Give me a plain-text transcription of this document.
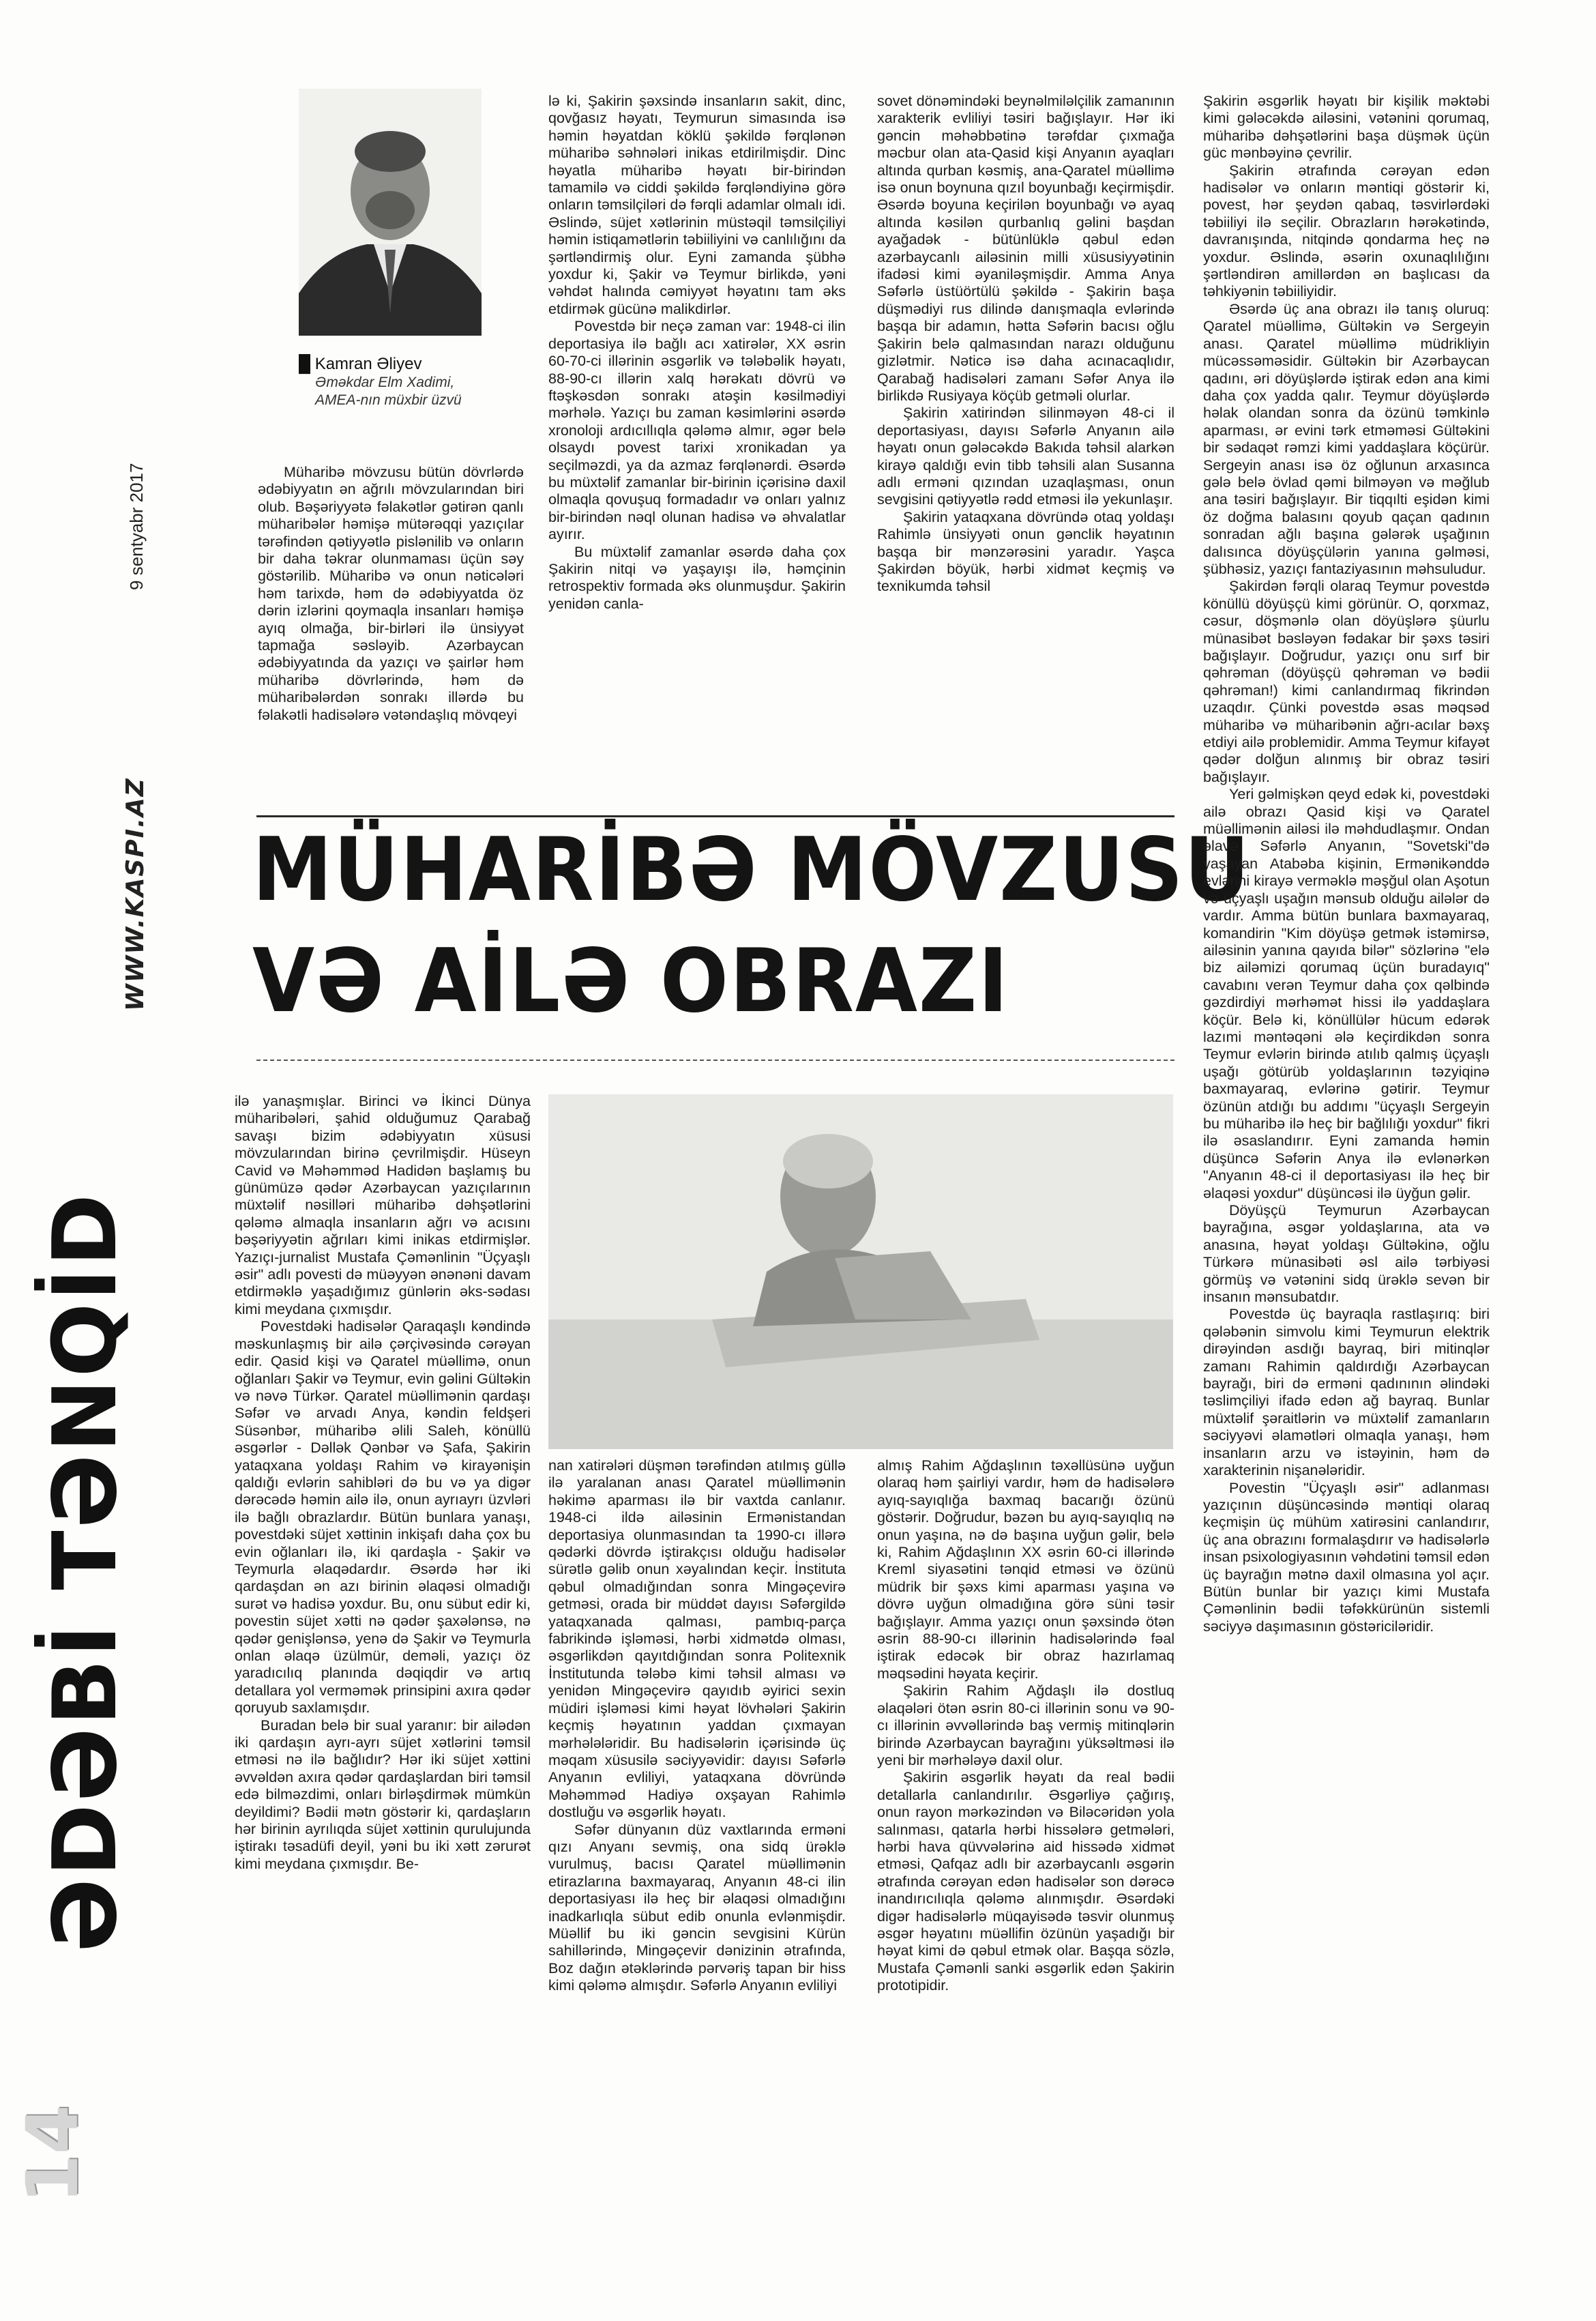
ƏDƏBİ TƏNQİD
WWW.KASPI.AZ
9 sentyabr 2017
14
█ Kamran Əliyev
Əməkdar Elm Xadimi,
AMEA-nın müxbir üzvü

Müharibə mövzusu bütün dövrlərdə ədəbiyyatın ən ağrılı mövzularından biri olub. Bəşəriyyətə fəlakətlər gətirən qanlı müharibələr həmişə mütərəqqi yazıçılar tərəfindən qətiyyətlə pislənilib və onların bir daha təkrar olunmaması üçün səy göstərilib. Müharibə və onun nəticələri həm tarixdə, həm də ədəbiyyatda öz dərin izlərini qoymaqla insanları həmişə ayıq olmağa, bir-birləri ilə ünsiyyət tapmağa səsləyib. Azərbaycan ədəbiyyatında da yazıçı və şairlər həm müharibə dövrlərində, həm də müharibələrdən sonrakı illərdə bu fəlakətli hadisələrə vətəndaşlıq mövqeyi

lə ki, Şakirin şəxsində insanların sakit, dinc, qovğasız həyatı, Teymurun simasında isə həmin həyatdan köklü şəkildə fərqlənən müharibə səhnələri inikas etdirilmişdir. Dinc həyatla müharibə həyatı bir-birindən tamamilə və ciddi şəkildə fərqləndiyinə görə onların təmsilçiləri də fərqli adamlar olmalı idi. Əslində, süjet xətlərinin müstəqil təmsilçiliyi həmin istiqamətlərin təbiiliyini və canlılığını da şərtləndirmiş olur. Eyni zamanda şübhə yoxdur ki, Şakir və Teymur birlikdə, yəni vəhdət halında cəmiyyət həyatını tam əks etdirmək gücünə malikdirlər.

Povestdə bir neçə zaman var: 1948-ci ilin deportasiya ilə bağlı acı xatirələr, XX əsrin 60-70-ci illərinin əsgərlik və tələbəlik həyatı, 88-90-cı illərin xalq hərəkatı dövrü və ftəşkəsdən sonrakı atəşin kəsilmədiyi mərhələ. Yazıçı bu zaman kəsimlərini əsərdə xronoloji ardıcıllıqla qələmə almır, əgər belə olsaydı povest tarixi xronikadan ya seçilməzdi, ya da azmaz fərqlənərdi. Əsərdə bu müxtəlif zamanlar bir-birinin içərisinə daxil olmaqla qovuşuq formadadır və onları yalnız bir-birindən nəql olunan hadisə və əhvalatlar ayırır.

Bu müxtəlif zamanlar əsərdə daha çox Şakirin nitqi və yaşayışı ilə, həmçinin retrospektiv formada əks olunmuşdur. Şakirin yenidən canla-

sovet dönəmindəki beynəlmiləlçilik zamanının xarakterik evliliyi təsiri bağışlayır. Hər iki gəncin məhəbbətinə tərəfdar çıxmağa məcbur olan ata-Qasid kişi Anyanın ayaqları altında qurban kəsmiş, ana-Qaratel müəllimə isə onun boynuna qızıl boyunbağı keçirmişdir. Əsərdə boyuna keçirilən boyunbağı və ayaq altında kəsilən qurbanlıq gəlini başdan ayağadək - bütünlüklə qəbul edən azərbaycanlı ailəsinin milli xüsusiyyətinin ifadəsi kimi əyaniləşmişdir. Amma Anya Səfərlə üstüörtülü şəkildə - Şakirin başa düşmədiyi rus dilində danışmaqla evlərində başqa bir adamın, hətta Səfərin bacısı oğlu Şakirin belə qalmasından narazı olduğunu gizlətmir. Nəticə isə daha acınacaqlıdır, Qarabağ hadisələri zamanı Səfər Anya ilə birlikdə Rusiyaya köçüb getməli olurlar.

Şakirin xatirindən silinməyən 48-ci il deportasiyası, dayısı Səfərlə Anyanın ailə həyatı onun gələcəkdə Bakıda təhsil alarkən kirayə qaldığı evin tibb təhsili alan Susanna adlı erməni qızından uzaqlaşması, onun sevgisini qətiyyətlə rədd etməsi ilə yekunlaşır.

Şakirin yataqxana dövründə otaq yoldaşı Rahimlə ünsiyyəti onun gənclik həyatının başqa bir mənzərəsini yaradır. Yaşca Şakirdən böyük, hərbi xidmət keçmiş və texnikumda təhsil

MÜHARİBƏ MÖVZUSU
VƏ AİLƏ OBRAZI

Şakirin əsgərlik həyatı bir kişilik məktəbi kimi gələcəkdə ailəsini, vətənini qorumaq, müharibə dəhşətlərini başa düşmək üçün güc mənbəyinə çevrilir.

Şakirin ətrafında cərəyan edən hadisələr və onların məntiqi göstərir ki, povest, hər şeydən qabaq, təsvirlərdəki təbiiliyi ilə seçilir. Obrazların hərəkətində, davranışında, nitqində qondarma heç nə yoxdur. Əslində, əsərin oxunaqlılığını şərtləndirən amillərdən ən başlıcası da təhkiyənin təbiiliyidir.

Əsərdə üç ana obrazı ilə tanış oluruq: Qaratel müəllimə, Gültəkin və Sergeyin anası. Qaratel müəllimə müdrikliyin mücəssəməsidir. Gültəkin bir Azərbaycan qadını, əri döyüşlərdə iştirak edən ana kimi daha çox yadda qalır. Teymur döyüşlərdə həlak olandan sonra da özünü təmkinlə aparması, ər evini tərk etməməsi Gültəkini bir sədaqət rəmzi kimi yaddaşlara köçürür. Sergeyin anası isə öz oğlunun arxasınca gələ belə övlad qəmi bilməyən və məğlub ana təsiri bağışlayır. Bir tiqqılti eşidən kimi öz doğma balasını qoyub qaçan qadının sonradan ağlı başına gələrək uşağının dalısınca döyüşçülərin yanına gəlməsi, şübhəsiz, yazıçı fantaziyasının məhsuludur.

Şakirdən fərqli olaraq Teymur povestdə könüllü döyüşçü kimi görünür. O, qorxmaz, cəsur, döşmənlə olan döyüşlərə şüurlu münasibət bəsləyən fədakar bir şəxs təsiri bağışlayır. Doğrudur, yazıçı onu sırf bir qəhrəman (döyüşçü qəhrəman və bədii qəhrəman!) kimi canlandırmaq fikrindən uzaqdır. Çünki povestdə əsas məqsəd müharibə və müharibənin ağrı-acılar bəxş etdiyi ailə problemidir. Amma Teymur kifayət qədər dolğun alınmış bir obraz təsiri bağışlayır.

Yeri gəlmişkən qeyd edək ki, povestdəki ailə obrazı Qasid kişi və Qaratel müəllimənin ailəsi ilə məhdudlaşmır. Ondan əlavə Səfərlə Anyanın, "Sovetski"də yaşayan Atabəba kişinin, Ermənikənddə evlərini kirayə verməklə məşğul olan Aşotun və üçyaşlı uşağın mənsub olduğu ailələr də vardır. Amma bütün bunlara baxmayaraq, komandirin "Kim döyüşə getmək istəmirsə, ailəsinin yanına qayıda bilər" sözlərinə "elə biz ailəmizi qorumaq üçün buradayıq" cavabını verən Teymur daha çox qəlbində gəzdirdiyi mərhəmət hissi ilə yaddaşlara köçür. Belə ki, könüllülər hücum edərək lazımi məntəqəni ələ keçirdikdən sonra Teymur evlərin birində atılıb qalmış üçyaşlı uşağı götürüb yoldaşlarının təzyiqinə baxmayaraq, evlərinə gətirir. Teymur özünün atdığı bu addımı "üçyaşlı Sergeyin bu müharibə ilə heç bir bağlılığı yoxdur" fikri ilə əsaslandırır. Eyni zamanda həmin düşüncə Səfərin Anya ilə evlənərkən "Anyanın 48-ci il deportasiyası ilə heç bir əlaqəsi yoxdur" düşüncəsi ilə üyğun gəlir.

Döyüşçü Teymurun Azərbaycan bayrağına, əsgər yoldaşlarına, ata və anasına, həyat yoldaşı Gültəkinə, oğlu Türkərə münasibəti əsl ailə tərbiyəsi görmüş və vətənini sidq ürəklə sevən bir insanın mənsubatdır.

Povestdə üç bayraqla rastlaşırıq: biri qələbənin simvolu kimi Teymurun elektrik dirəyindən asdığı bayraq, biri mitinqlər zamanı Rahimin qaldırdığı Azərbaycan bayrağı, biri də erməni qadınının əlindəki təslimçiliyi ifadə edən ağ bayraq. Bunlar müxtəlif şəraitlərin və müxtəlif zamanların səciyyəvi əlamətləri olmaqla yanaşı, həm insanların arzu və istəyinin, həm də xarakterinin nişanələridir.

Povestin "Üçyaşlı əsir" adlanması yazıçının düşüncəsində məntiqi olaraq keçmişin üç mühüm xatirəsini canlandırır, üç ana obrazını formalaşdırır və hadisələrlə insan psixologiyasının vəhdətini təmsil edən üç bayrağın mətnə daxil olmasına yol açır. Bütün bunlar bir yazıçı kimi Mustafa Çəmənlinin bədii təfəkkürünün sistemli səciyyə daşımasının göstəriciləridir.

ilə yanaşmışlar. Birinci və İkinci Dünya müharibələri, şahid olduğumuz Qarabağ savaşı bizim ədəbiyyatın xüsusi mövzularından birinə çevrilmişdir. Hüseyn Cavid və Məhəmməd Hadidən başlamış bu günümüzə qədər Azərbaycan yazıçılarının müxtəlif nəsilləri müharibə dəhşətlərini qələmə almaqla insanların ağrı və acısını bəşəriyyətin ağrıları kimi inikas etdirmişlər. Yazıçı-jurnalist Mustafa Çəmənlinin "Üçyaşlı əsir" adlı povesti də müəyyən ənənəni davam etdirməklə yaşadığımız günlərin əks-sədası kimi meydana çıxmışdır.

Povestdəki hadisələr Qaraqaşlı kəndində məskunlaşmış bir ailə çərçivəsində cərəyan edir. Qasid kişi və Qaratel müəllimə, onun oğlanları Şakir və Teymur, evin gəlini Gültəkin və nəvə Türkər. Qaratel müəllimənin qardaşı Səfər və arvadı Anya, kəndin feldşeri Süsənbər, müharibə əlili Saleh, könüllü əsgərlər - Dəllək Qənbər və Şafa, Şakirin yataqxana yoldaşı Rahim və kirayənişin qaldığı evlərin sahibləri də bu və ya digər dərəcədə həmin ailə ilə, onun ayrıayrı üzvləri ilə bağlı obrazlardır. Bütün bunlara yanaşı, povestdəki süjet xəttinin inkişafı daha çox bu evin oğlanları ilə, iki qardaşla - Şakir və Teymurla əlaqədardır. Əsərdə hər iki qardaşdan ən azı birinin əlaqəsi olmadığı surət və hadisə yoxdur. Bu, onu sübut edir ki, povestin süjet xətti nə qədər şaxələnsə, nə qədər genişlənsə, yenə də Şakir və Teymurla onlan əlaqə üzülmür, deməli, yazıçı öz yaradıcılıq planında dəqiqdir və artıq detallara yol verməmək prinsipini axıra qədər qoruyub saxlamışdır.

Buradan belə bir sual yaranır: bir ailədən iki qardaşın ayrı-ayrı süjet xətlərini təmsil etməsi nə ilə bağlıdır? Hər iki süjet xəttini əvvəldən axıra qədər qardaşlardan biri təmsil edə bilməzdimi, onları birləşdirmək mümkün deyildimi? Bədii mətn göstərir ki, qardaşların hər birinin ayrılıqda süjet xəttinin qurulujunda iştirakı təsadüfi deyil, yəni bu iki xətt zərurət kimi meydana çıxmışdır. Be-

nan xatirələri düşmən tərəfindən atılmış güllə ilə yaralanan anası Qaratel müəllimənin həkimə aparması ilə bir vaxtda canlanır. 1948-ci ildə ailəsinin Ermənistandan deportasiya olunmasından ta 1990-cı illərə qədərki dövrdə iştirakçısı olduğu hadisələr sürətlə gəlib onun xəyalından keçir. İnstituta qəbul olmadığından sonra Mingəçevirə getməsi, orada bir müddət dayısı Səfərgildə yataqxanada qalması, pambıq-parça fabrikində işləməsi, hərbi xidmətdə olması, əsgərlikdən qayıtdığından sonra Politexnik İnstitutunda tələbə kimi təhsil alması və yenidən Mingəçevirə qayıdıb əyirici sexin müdiri işləməsi kimi həyat lövhələri Şakirin keçmiş həyatının yaddan çıxmayan mərhələləridir. Bu hadisələrin içərisində üç məqam xüsusilə səciyyəvidir: dayısı Səfərlə Anyanın evliliyi, yataqxana dövründə Məhəmməd Hadiyə oxşayan Rahimlə dostluğu və əsgərlik həyatı.

Səfər dünyanın düz vaxtlarında erməni qızı Anyanı sevmiş, ona sidq ürəklə vurulmuş, bacısı Qaratel müəllimənin etirazlarına baxmayaraq, Anyanın 48-ci ilin deportasiyası ilə heç bir əlaqəsi olmadığını inadkarlıqla sübut edib onunla evlənmişdir. Müəllif bu iki gəncin sevgisini Kürün sahillərində, Mingəçevir dənizinin ətrafında, Boz dağın ətəklərində pərvəriş tapan bir hiss kimi qələmə almışdır. Səfərlə Anyanın evliliyi

almış Rahim Ağdaşlının təxəllüsünə uyğun olaraq həm şairliyi vardır, həm də hadisələrə ayıq-sayıqlığa baxmaq bacarığı özünü göstərir. Doğrudur, bəzən bu ayıq-sayıqlıq nə onun yaşına, nə də başına uyğun gəlir, belə ki, Rahim Ağdaşlının XX əsrin 60-ci illərində Kreml siyasətini tənqid etməsi və özünü müdrik bir şəxs kimi aparması yaşına və dövrə uyğun olmadığına görə süni təsir bağışlayır. Amma yazıçı onun şəxsində ötən əsrin 88-90-cı illərinin hadisələrində fəal iştirak edəcək bir obraz hazırlamaq məqsədini həyata keçirir.

Şakirin Rahim Ağdaşlı ilə dostluq əlaqələri ötən əsrin 80-ci illərinin sonu və 90-cı illərinin əvvəllərində baş vermiş mitinqlərin birində Azərbaycan bayrağını yüksəltməsi ilə yeni bir mərhələyə daxil olur.

Şakirin əsgərlik həyatı da real bədii detallarla canlandırılır. Əsgərliyə çağırış, onun rayon mərkəzindən və Biləcəridən yola salınması, qatarla hərbi hissələrə getmələri, hərbi hava qüvvələrinə aid hissədə xidmət etməsi, Qafqaz adlı bir azərbaycanlı əsgərin ətrafında cərəyan edən hadisələr son dərəcə inandırıcılıqla qələmə alınmışdır. Əsərdəki digər hadisələrlə müqayisədə təsvir olunmuş əsgər həyatını müəllifin özünün yaşadığı bir həyat kimi də qəbul etmək olar. Başqa sözlə, Mustafa Çəmənli sanki əsgərlik edən Şakirin prototipidir.
